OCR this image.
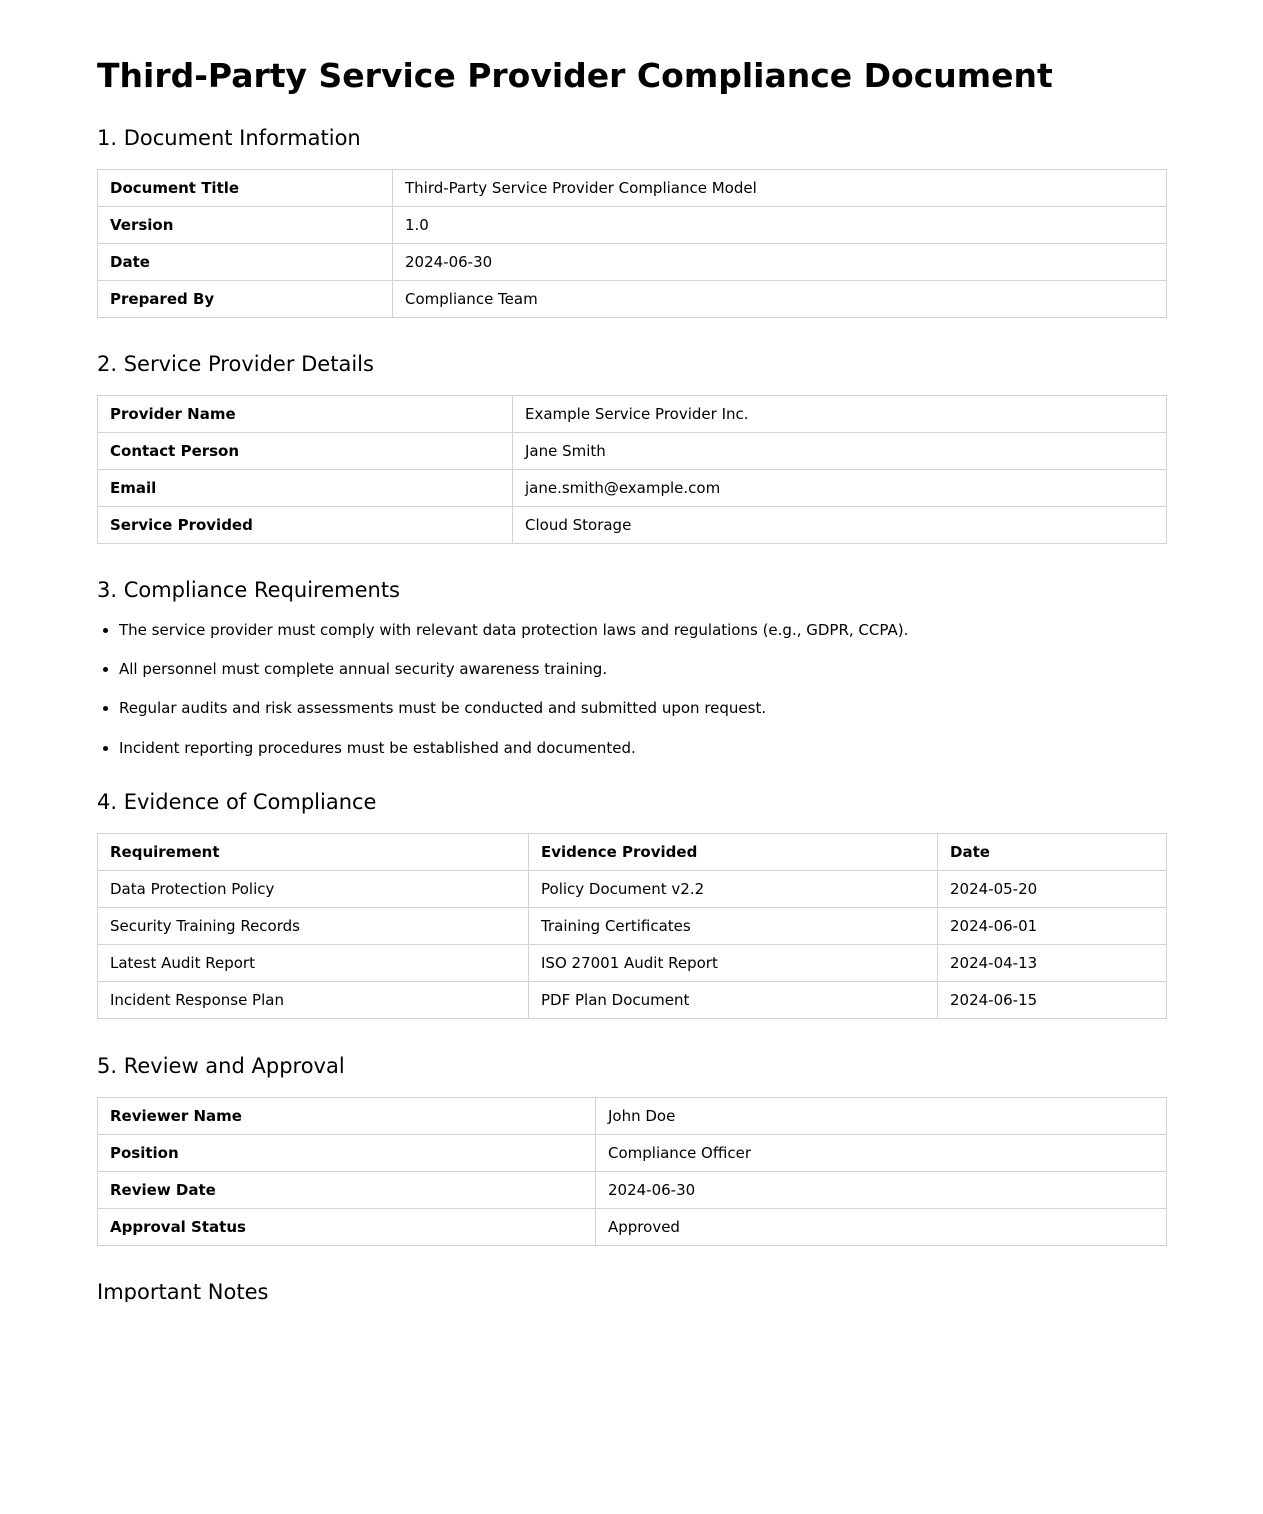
Third-Party Service Provider Compliance Document
1. Document Information
Document Title	Third-Party Service Provider Compliance Model
Version	1.0
Date	2024-06-30
Prepared By	Compliance Team
2. Service Provider Details
Provider Name	Example Service Provider Inc.
Contact Person	Jane Smith
Email	jane.smith@example.com
Service Provided	Cloud Storage
3. Compliance Requirements
• The service provider must comply with relevant data protection laws and regulations (e.g., GDPR, CCPA).
• All personnel must complete annual security awareness training.
• Regular audits and risk assessments must be conducted and submitted upon request.
• Incident reporting procedures must be established and documented.
4. Evidence of Compliance
Requirement	Evidence Provided	Date
Data Protection Policy	Policy Document v2.2	2024-05-20
Security Training Records	Training Certificates	2024-06-01
Latest Audit Report	ISO 27001 Audit Report	2024-04-13
Incident Response Plan	PDF Plan Document	2024-06-15
5. Review and Approval
Reviewer Name	John Doe
Position	Compliance Officer
Review Date	2024-06-30
Approval Status	Approved
Important Notes
